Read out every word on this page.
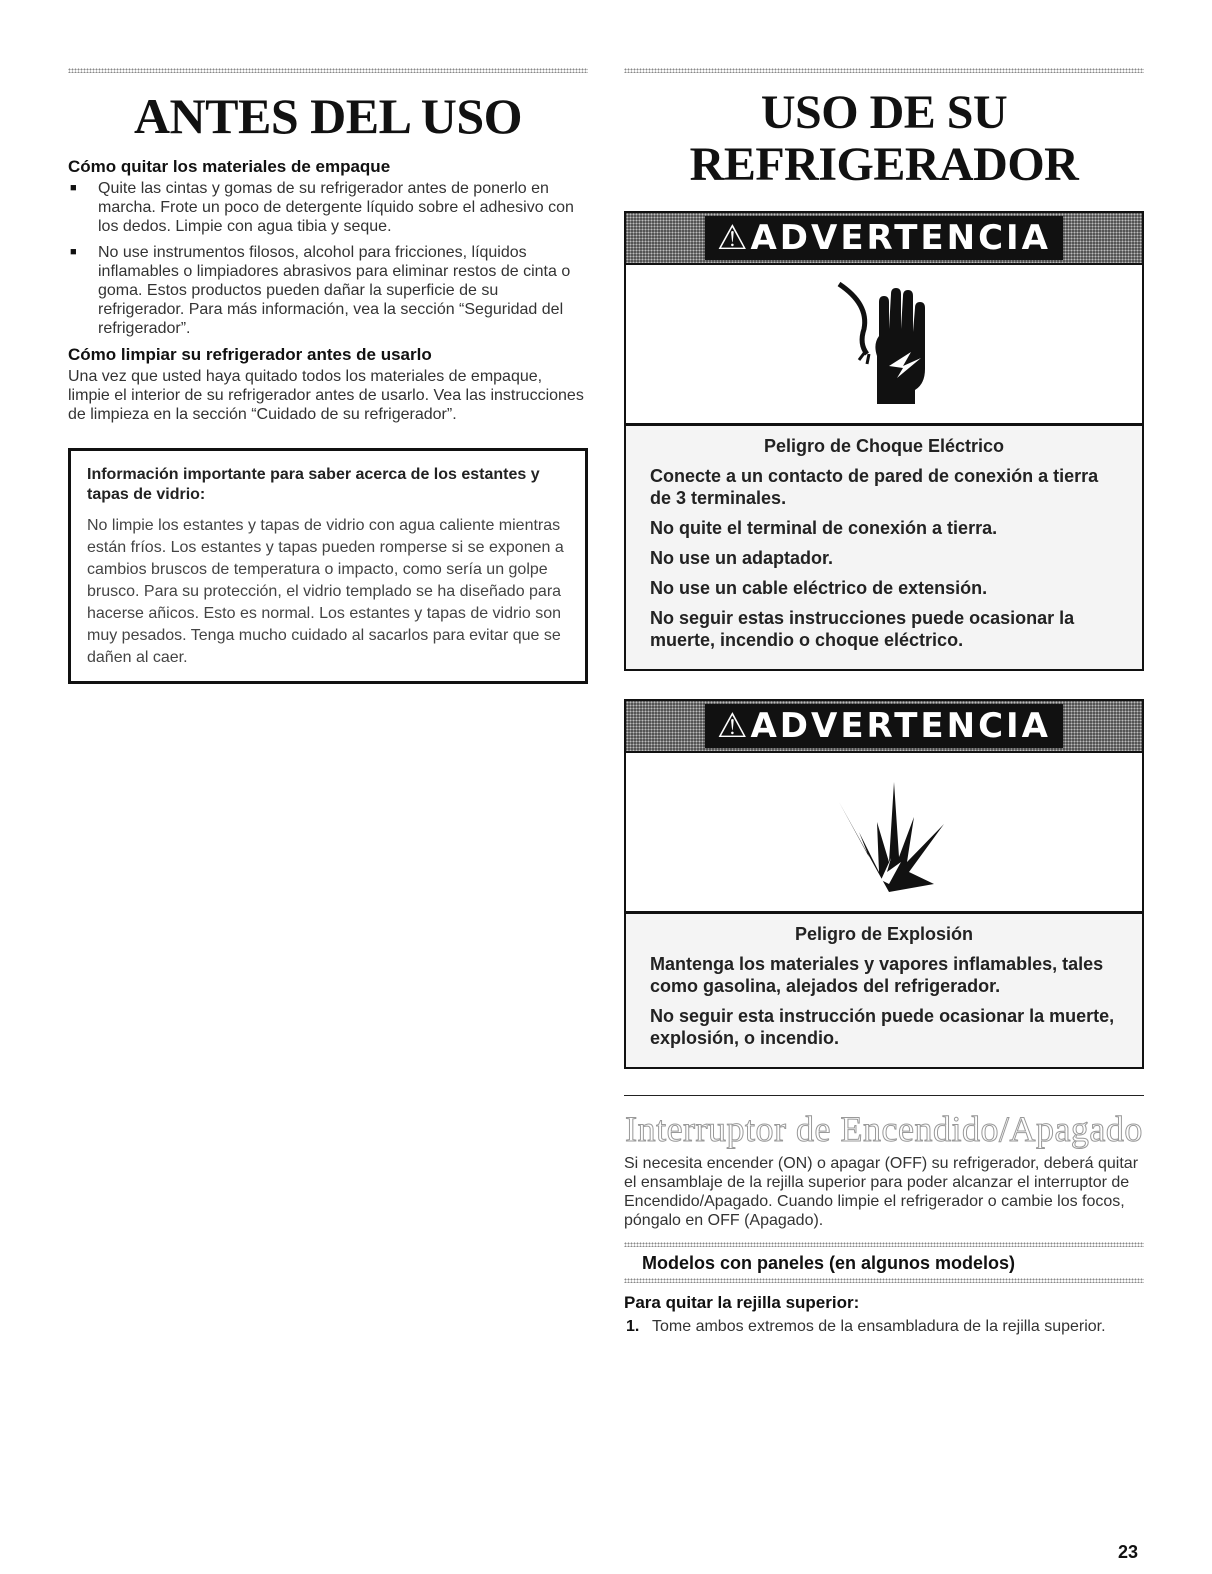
ANTES DEL USO
Cómo quitar los materiales de empaque
■ Quite las cintas y gomas de su refrigerador antes de ponerlo en marcha. Frote un poco de detergente líquido sobre el adhesivo con los dedos. Limpie con agua tibia y seque.
■ No use instrumentos filosos, alcohol para fricciones, líquidos inflamables o limpiadores abrasivos para eliminar restos de cinta o goma. Estos productos pueden dañar la superficie de su refrigerador. Para más información, vea la sección “Seguridad del refrigerador”.
Cómo limpiar su refrigerador antes de usarlo

Una vez que usted haya quitado todos los materiales de empaque, limpie el interior de su refrigerador antes de usarlo. Vea las instrucciones de limpieza en la sección “Cuidado de su refrigerador”.

Información importante para saber acerca de los estantes y tapas de vidrio:

No limpie los estantes y tapas de vidrio con agua caliente mientras están fríos. Los estantes y tapas pueden romperse si se exponen a cambios bruscos de temperatura o impacto, como sería un golpe brusco. Para su protección, el vidrio templado se ha diseñado para hacerse añicos. Esto es normal. Los estantes y tapas de vidrio son muy pesados. Tenga mucho cuidado al sacarlos para evitar que se dañen al caer.

USO DE SU
REFRIGERADOR
⚠ADVERTENCIA
Peligro de Choque Eléctrico
Conecte a un contacto de pared de conexión a tierra de 3 terminales.
No quite el terminal de conexión a tierra.
No use un adaptador.
No use un cable eléctrico de extensión.
No seguir estas instrucciones puede ocasionar la muerte, incendio o choque eléctrico.
⚠ADVERTENCIA
Peligro de Explosión
Mantenga los materiales y vapores inflamables, tales como gasolina, alejados del refrigerador.
No seguir esta instrucción puede ocasionar la muerte, explosión, o incendio.
Interruptor de Encendido/Apagado

Si necesita encender (ON) o apagar (OFF) su refrigerador, deberá quitar el ensamblaje de la rejilla superior para poder alcanzar el interruptor de Encendido/Apagado. Cuando limpie el refrigerador o cambie los focos, póngalo en OFF (Apagado).

Modelos con paneles (en algunos modelos)
Para quitar la rejilla superior:
1. Tome ambos extremos de la ensambladura de la rejilla superior.
23
